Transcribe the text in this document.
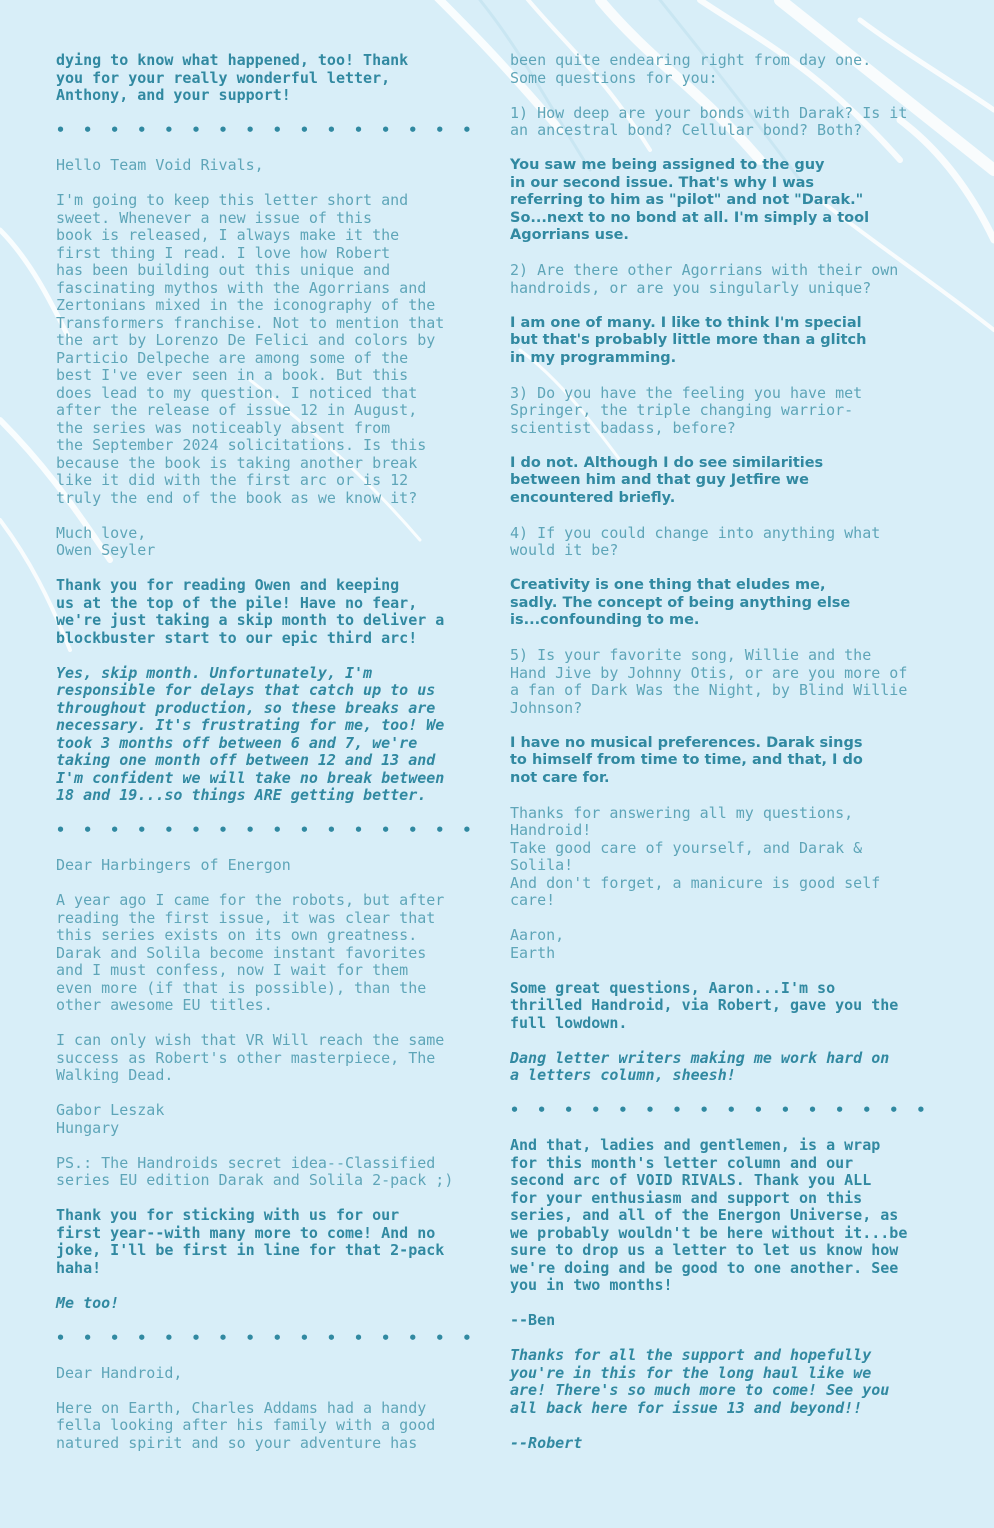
dying to know what happened, too! Thank
you for your really wonderful letter,
Anthony, and your support!

•  •  •  •  •  •  •  •  •  •  •  •  •  •  •  •

Hello Team Void Rivals,

I'm going to keep this letter short and
sweet. Whenever a new issue of this
book is released, I always make it the
first thing I read. I love how Robert
has been building out this unique and
fascinating mythos with the Agorrians and
Zertonians mixed in the iconography of the
Transformers franchise. Not to mention that
the art by Lorenzo De Felici and colors by
Particio Delpeche are among some of the
best I've ever seen in a book. But this
does lead to my question. I noticed that
after the release of issue 12 in August,
the series was noticeably absent from
the September 2024 solicitations. Is this
because the book is taking another break
like it did with the first arc or is 12
truly the end of the book as we know it?

Much love,
Owen Seyler

Thank you for reading Owen and keeping
us at the top of the pile! Have no fear,
we're just taking a skip month to deliver a
blockbuster start to our epic third arc!

Yes, skip month. Unfortunately, I'm
responsible for delays that catch up to us
throughout production, so these breaks are
necessary. It's frustrating for me, too! We
took 3 months off between 6 and 7, we're
taking one month off between 12 and 13 and
I'm confident we will take no break between
18 and 19...so things ARE getting better.

•  •  •  •  •  •  •  •  •  •  •  •  •  •  •  •

Dear Harbingers of Energon

A year ago I came for the robots, but after
reading the first issue, it was clear that
this series exists on its own greatness.
Darak and Solila become instant favorites
and I must confess, now I wait for them
even more (if that is possible), than the
other awesome EU titles.

I can only wish that VR Will reach the same
success as Robert's other masterpiece, The
Walking Dead.

Gabor Leszak
Hungary

PS.: The Handroids secret idea--Classified
series EU edition Darak and Solila 2-pack ;)

Thank you for sticking with us for our
first year--with many more to come! And no
joke, I'll be first in line for that 2-pack
haha!

Me too!

•  •  •  •  •  •  •  •  •  •  •  •  •  •  •  •

Dear Handroid,

Here on Earth, Charles Addams had a handy
fella looking after his family with a good
natured spirit and so your adventure has

been quite endearing right from day one.
Some questions for you:

1) How deep are your bonds with Darak? Is it
an ancestral bond? Cellular bond? Both?

You saw me being assigned to the guy
in our second issue. That's why I was
referring to him as "pilot" and not "Darak."
So...next to no bond at all. I'm simply a tool
Agorrians use.

2) Are there other Agorrians with their own
handroids, or are you singularly unique?

I am one of many. I like to think I'm special
but that's probably little more than a glitch
in my programming.

3) Do you have the feeling you have met
Springer, the triple changing warrior-
scientist badass, before?

I do not. Although I do see similarities
between him and that guy Jetfire we
encountered briefly.

4) If you could change into anything what
would it be?

Creativity is one thing that eludes me,
sadly. The concept of being anything else
is...confounding to me.

5) Is your favorite song, Willie and the
Hand Jive by Johnny Otis, or are you more of
a fan of Dark Was the Night, by Blind Willie
Johnson?

I have no musical preferences. Darak sings
to himself from time to time, and that, I do
not care for.

Thanks for answering all my questions,
Handroid!
Take good care of yourself, and Darak &
Solila!
And don't forget, a manicure is good self
care!

Aaron,
Earth

Some great questions, Aaron...I'm so
thrilled Handroid, via Robert, gave you the
full lowdown.

Dang letter writers making me work hard on
a letters column, sheesh!

•  •  •  •  •  •  •  •  •  •  •  •  •  •  •  •

And that, ladies and gentlemen, is a wrap
for this month's letter column and our
second arc of VOID RIVALS. Thank you ALL
for your enthusiasm and support on this
series, and all of the Energon Universe, as
we probably wouldn't be here without it...be
sure to drop us a letter to let us know how
we're doing and be good to one another. See
you in two months!

--Ben

Thanks for all the support and hopefully
you're in this for the long haul like we
are! There's so much more to come! See you
all back here for issue 13 and beyond!!

--Robert
